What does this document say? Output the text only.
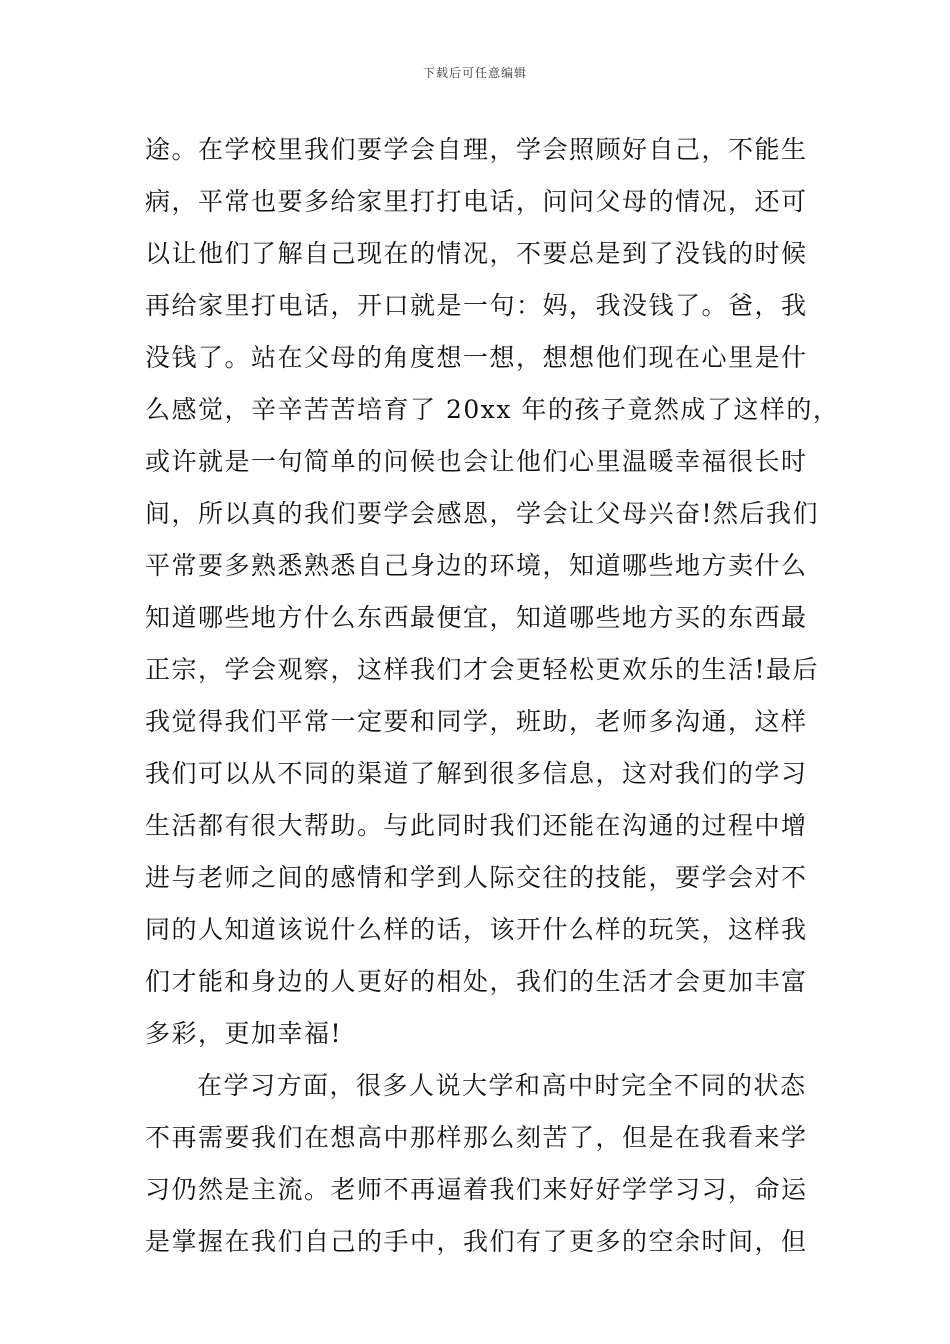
下载后可任意编辑
途。在学校里我们要学会自理，学会照顾好自己，不能生
病，平常也要多给家里打打电话，问问父母的情况，还可
以让他们了解自己现在的情况，不要总是到了没钱的时候
再给家里打电话，开口就是一句：妈，我没钱了。爸，我
没钱了。站在父母的角度想一想，想想他们现在心里是什
么感觉，辛辛苦苦培育了 20xx 年的孩子竟然成了这样的，
或许就是一句简单的问候也会让他们心里温暖幸福很长时
间，所以真的我们要学会感恩，学会让父母兴奋!然后我们
平常要多熟悉熟悉自己身边的环境，知道哪些地方卖什么
知道哪些地方什么东西最便宜，知道哪些地方买的东西最
正宗，学会观察，这样我们才会更轻松更欢乐的生活!最后
我觉得我们平常一定要和同学，班助，老师多沟通，这样
我们可以从不同的渠道了解到很多信息，这对我们的学习
生活都有很大帮助。与此同时我们还能在沟通的过程中增
进与老师之间的感情和学到人际交往的技能，要学会对不
同的人知道该说什么样的话，该开什么样的玩笑，这样我
们才能和身边的人更好的相处，我们的生活才会更加丰富
多彩，更加幸福!
在学习方面，很多人说大学和高中时完全不同的状态
不再需要我们在想高中那样那么刻苦了，但是在我看来学
习仍然是主流。老师不再逼着我们来好好学学习习，命运
是掌握在我们自己的手中，我们有了更多的空余时间，但
